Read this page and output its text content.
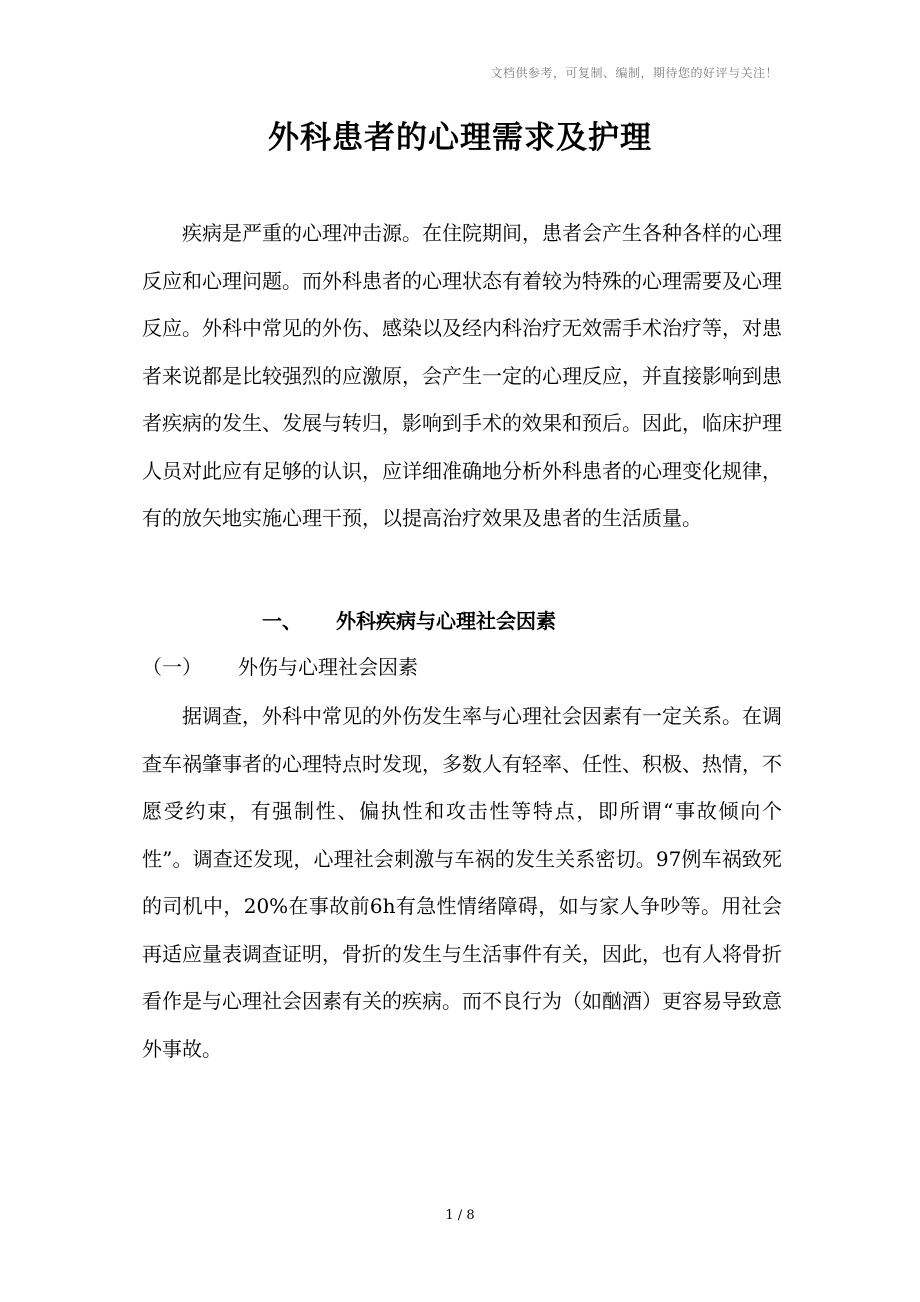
文档供参考，可复制、编制，期待您的好评与关注！
外科患者的心理需求及护理

疾病是严重的心理冲击源。在住院期间，患者会产生各种各样的心理反应和心理问题。而外科患者的心理状态有着较为特殊的心理需要及心理反应。外科中常见的外伤、感染以及经内科治疗无效需手术治疗等，对患者来说都是比较强烈的应激原，会产生一定的心理反应，并直接影响到患者疾病的发生、发展与转归，影响到手术的效果和预后。因此，临床护理人员对此应有足够的认识，应详细准确地分析外科患者的心理变化规律，有的放矢地实施心理干预，以提高治疗效果及患者的生活质量。

一、 外科疾病与心理社会因素
（一） 外伤与心理社会因素

据调查，外科中常见的外伤发生率与心理社会因素有一定关系。在调查车祸肇事者的心理特点时发现，多数人有轻率、任性、积极、热情，不愿受约束，有强制性、偏执性和攻击性等特点，即所谓“事故倾向个性”。调查还发现，心理社会刺激与车祸的发生关系密切。97例车祸致死的司机中，20%在事故前6h有急性情绪障碍，如与家人争吵等。用社会再适应量表调查证明，骨折的发生与生活事件有关，因此，也有人将骨折看作是与心理社会因素有关的疾病。而不良行为（如酗酒）更容易导致意外事故。

1 / 8
